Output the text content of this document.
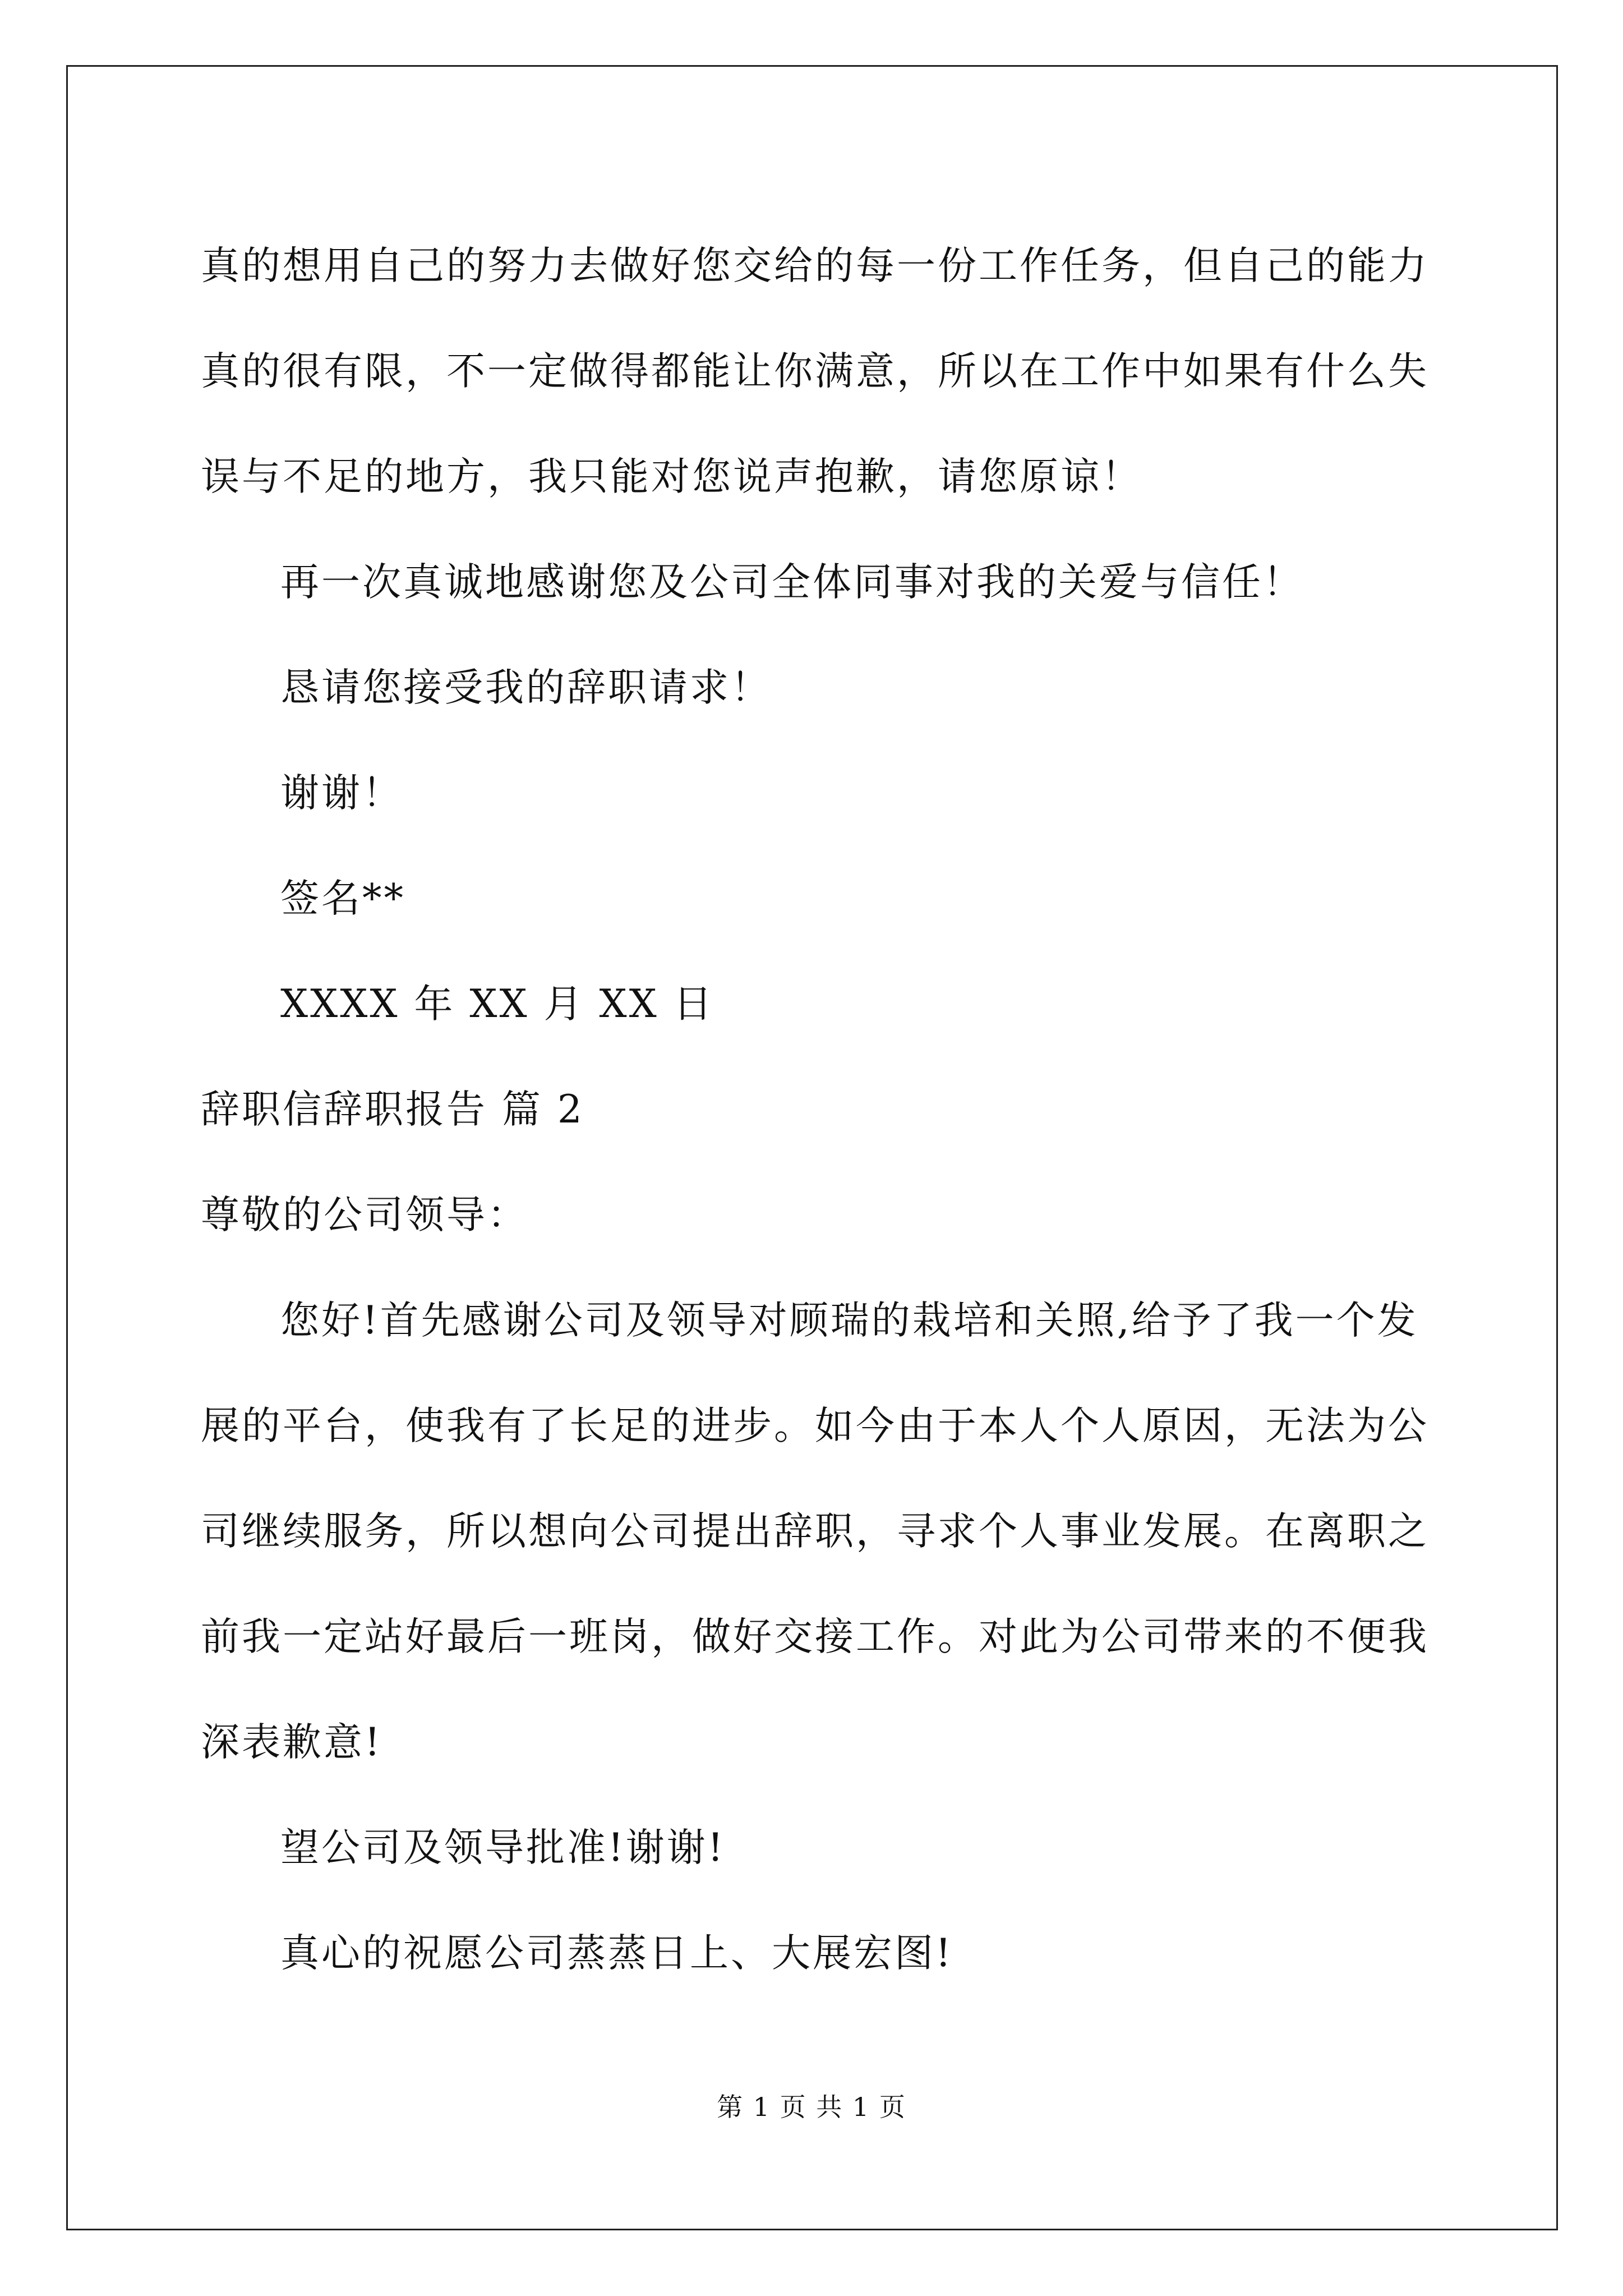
真的想用自己的努力去做好您交给的每一份工作任务，但自己的能力
真的很有限，不一定做得都能让你满意，所以在工作中如果有什么失
误与不足的地方，我只能对您说声抱歉，请您原谅！
再一次真诚地感谢您及公司全体同事对我的关爱与信任！
恳请您接受我的辞职请求！
谢谢！
签名**
XXXX 年 XX 月 XX 日
辞职信辞职报告 篇 2
尊敬的公司领导：
您好!首先感谢公司及领导对顾瑞的栽培和关照,给予了我一个发
展的平台，使我有了长足的进步。如今由于本人个人原因，无法为公
司继续服务，所以想向公司提出辞职，寻求个人事业发展。在离职之
前我一定站好最后一班岗，做好交接工作。对此为公司带来的不便我
深表歉意!
望公司及领导批准!谢谢!
真心的祝愿公司蒸蒸日上、大展宏图!
第 1 页 共 1 页
